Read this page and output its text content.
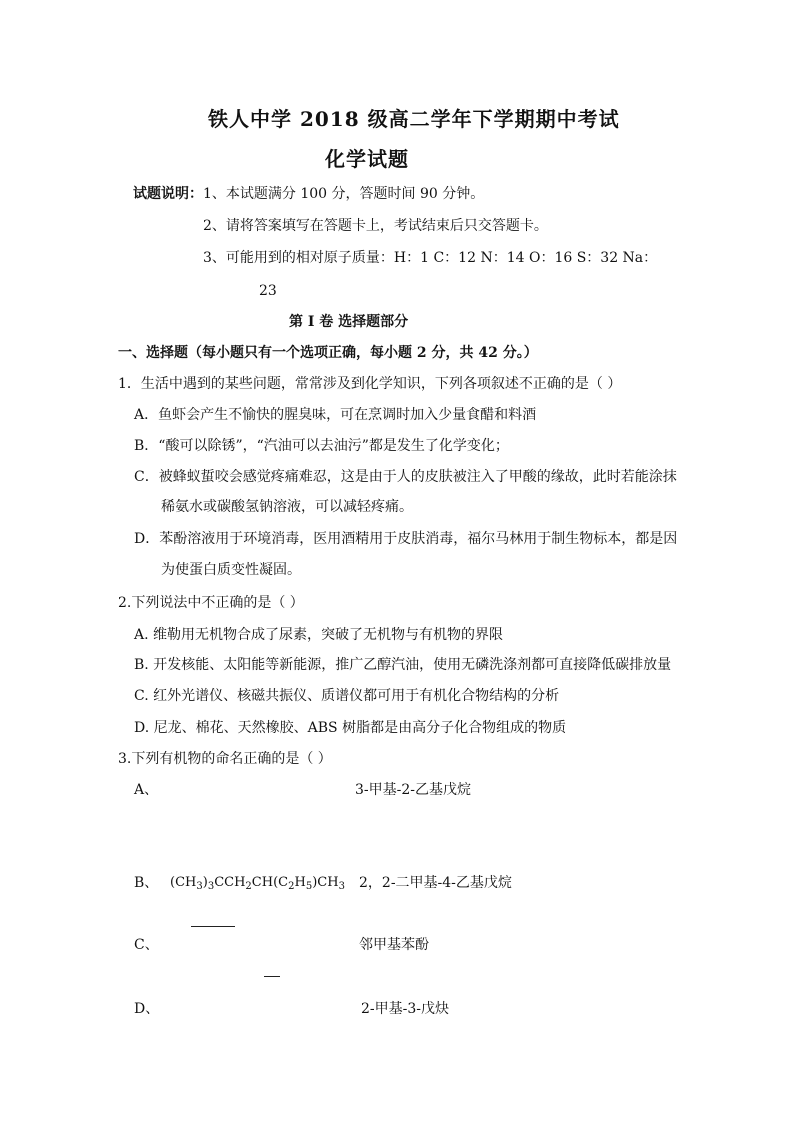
铁人中学 2018 级高二学年下学期期中考试
化学试题
试题说明： 1、本试题满分 100 分，答题时间 90 分钟。
2、请将答案填写在答题卡上，考试结束后只交答题卡。
3、可能用到的相对原子质量：H：1 C：12 N：14 O：16 S：32 Na：
23
第 I 卷 选择题部分
一、选择题（每小题只有一个选项正确，每小题 2 分，共 42 分。）
1．生活中遇到的某些问题，常常涉及到化学知识，下列各项叙述不正确的是（ ）
A．鱼虾会产生不愉快的腥臭味，可在烹调时加入少量食醋和料酒
B．“酸可以除锈”，“汽油可以去油污”都是发生了化学变化；
C．被蜂蚁蜇咬会感觉疼痛难忍，这是由于人的皮肤被注入了甲酸的缘故，此时若能涂抹
稀氨水或碳酸氢钠溶液，可以减轻疼痛。
D．苯酚溶液用于环境消毒，医用酒精用于皮肤消毒，福尔马林用于制生物标本，都是因
为使蛋白质变性凝固。
2.下列说法中不正确的是（ ）
A. 维勒用无机物合成了尿素，突破了无机物与有机物的界限
B. 开发核能、太阳能等新能源，推广乙醇汽油，使用无磷洗涤剂都可直接降低碳排放量
C. 红外光谱仪、核磁共振仪、质谱仪都可用于有机化合物结构的分析
D. 尼龙、棉花、天然橡胶、ABS 树脂都是由高分子化合物组成的物质
3.下列有机物的命名正确的是（ ）
A、	3-甲基-2-乙基戊烷
B、 $(CH_3)_3CCH_2CH(C_2H_5)CH_3$ 2，2-二甲基-4-乙基戊烷
C、	邻甲基苯酚
D、	2-甲基-3-戊炔
